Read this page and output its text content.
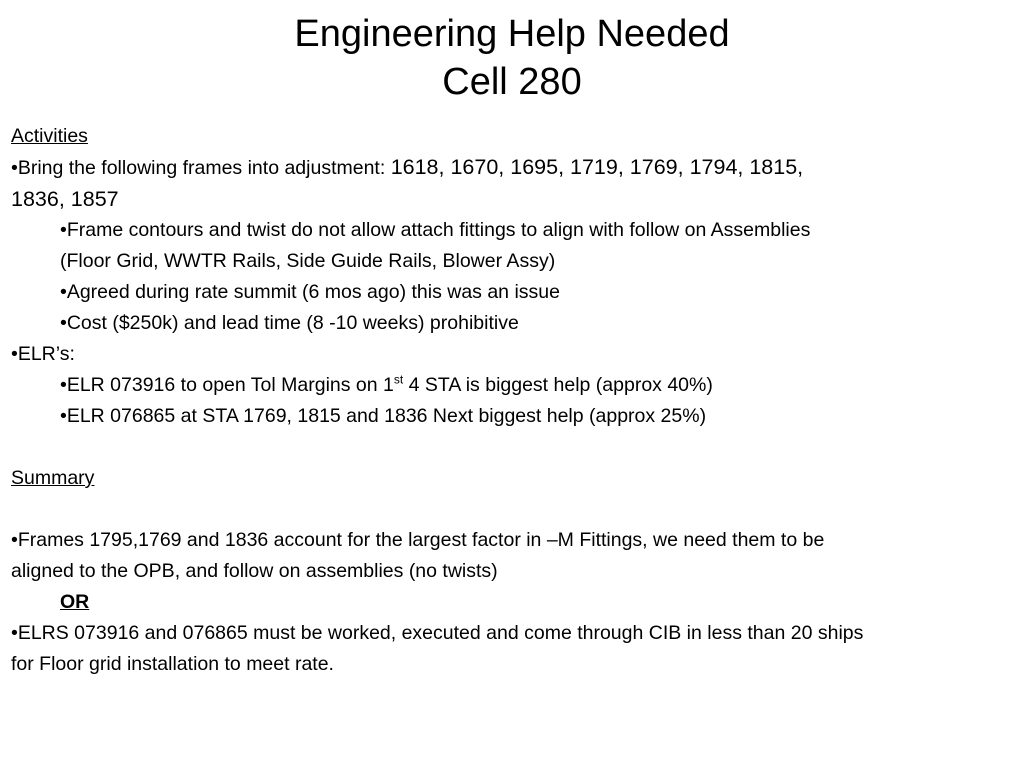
Engineering Help Needed
Cell 280
Activities
•Bring the following frames into adjustment: 1618, 1670, 1695, 1719, 1769, 1794, 1815,
1836, 1857
•Frame contours and twist do not allow attach fittings to align with follow on Assemblies
(Floor Grid, WWTR Rails, Side Guide Rails, Blower Assy)
•Agreed during rate summit (6 mos ago) this was an issue
•Cost ($250k) and lead time (8 -10 weeks) prohibitive
•ELR’s:
•ELR 073916 to open Tol Margins on 1st 4 STA is biggest help (approx 40%)
•ELR 076865 at STA 1769, 1815 and 1836 Next biggest help (approx 25%)
Summary
•Frames 1795,1769 and 1836 account for the largest factor in –M Fittings, we need them to be
aligned to the OPB, and follow on assemblies (no twists)
OR
•ELRS 073916 and 076865 must be worked, executed and come through CIB in less than 20 ships
for Floor grid installation to meet rate.
